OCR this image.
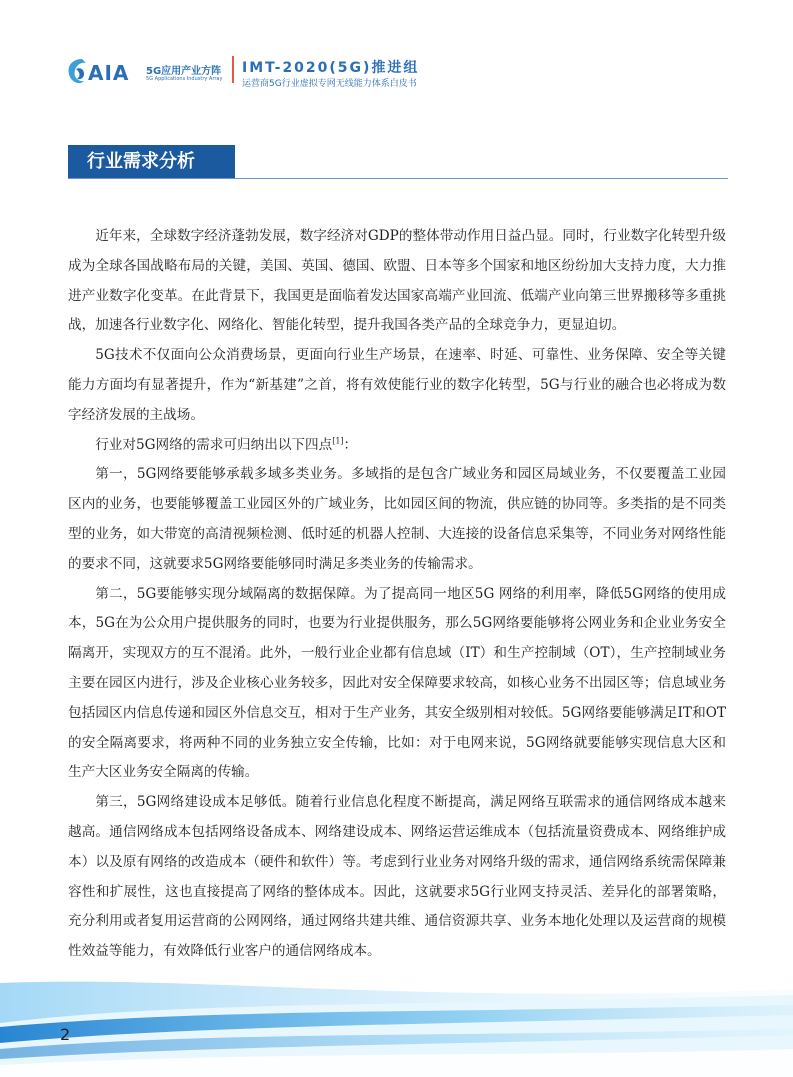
AIA 5G应用产业方阵
5G Applications Industry Array
IMT-2020(5G)推进组
运营商5G行业虚拟专网无线能力体系白皮书
行业需求分析

近年来，全球数字经济蓬勃发展，数字经济对GDP的整体带动作用日益凸显。同时，行业数字化转型升级成为全球各国战略布局的关键，美国、英国、德国、欧盟、日本等多个国家和地区纷纷加大支持力度，大力推进产业数字化变革。在此背景下，我国更是面临着发达国家高端产业回流、低端产业向第三世界搬移等多重挑战，加速各行业数字化、网络化、智能化转型，提升我国各类产品的全球竞争力，更显迫切。

5G技术不仅面向公众消费场景，更面向行业生产场景，在速率、时延、可靠性、业务保障、安全等关键能力方面均有显著提升，作为“新基建”之首，将有效使能行业的数字化转型，5G与行业的融合也必将成为数字经济发展的主战场。

行业对5G网络的需求可归纳出以下四点[1]：

第一，5G网络要能够承载多域多类业务。多域指的是包含广域业务和园区局域业务，不仅要覆盖工业园区内的业务，也要能够覆盖工业园区外的广域业务，比如园区间的物流，供应链的协同等。多类指的是不同类型的业务，如大带宽的高清视频检测、低时延的机器人控制、大连接的设备信息采集等，不同业务对网络性能的要求不同，这就要求5G网络要能够同时满足多类业务的传输需求。

第二，5G要能够实现分域隔离的数据保障。为了提高同一地区5G 网络的利用率，降低5G网络的使用成本，5G在为公众用户提供服务的同时，也要为行业提供服务，那么5G网络要能够将公网业务和企业业务安全隔离开，实现双方的互不混淆。此外，一般行业企业都有信息域（IT）和生产控制域（OT），生产控制域业务主要在园区内进行，涉及企业核心业务较多，因此对安全保障要求较高，如核心业务不出园区等；信息域业务包括园区内信息传递和园区外信息交互，相对于生产业务，其安全级别相对较低。5G网络要能够满足IT和OT的安全隔离要求，将两种不同的业务独立安全传输，比如：对于电网来说，5G网络就要能够实现信息大区和生产大区业务安全隔离的传输。

第三，5G网络建设成本足够低。随着行业信息化程度不断提高，满足网络互联需求的通信网络成本越来越高。通信网络成本包括网络设备成本、网络建设成本、网络运营运维成本（包括流量资费成本、网络维护成本）以及原有网络的改造成本（硬件和软件）等。考虑到行业业务对网络升级的需求，通信网络系统需保障兼容性和扩展性，这也直接提高了网络的整体成本。因此，这就要求5G行业网支持灵活、差异化的部署策略，充分利用或者复用运营商的公网网络，通过网络共建共维、通信资源共享、业务本地化处理以及运营商的规模性效益等能力，有效降低行业客户的通信网络成本。

2
